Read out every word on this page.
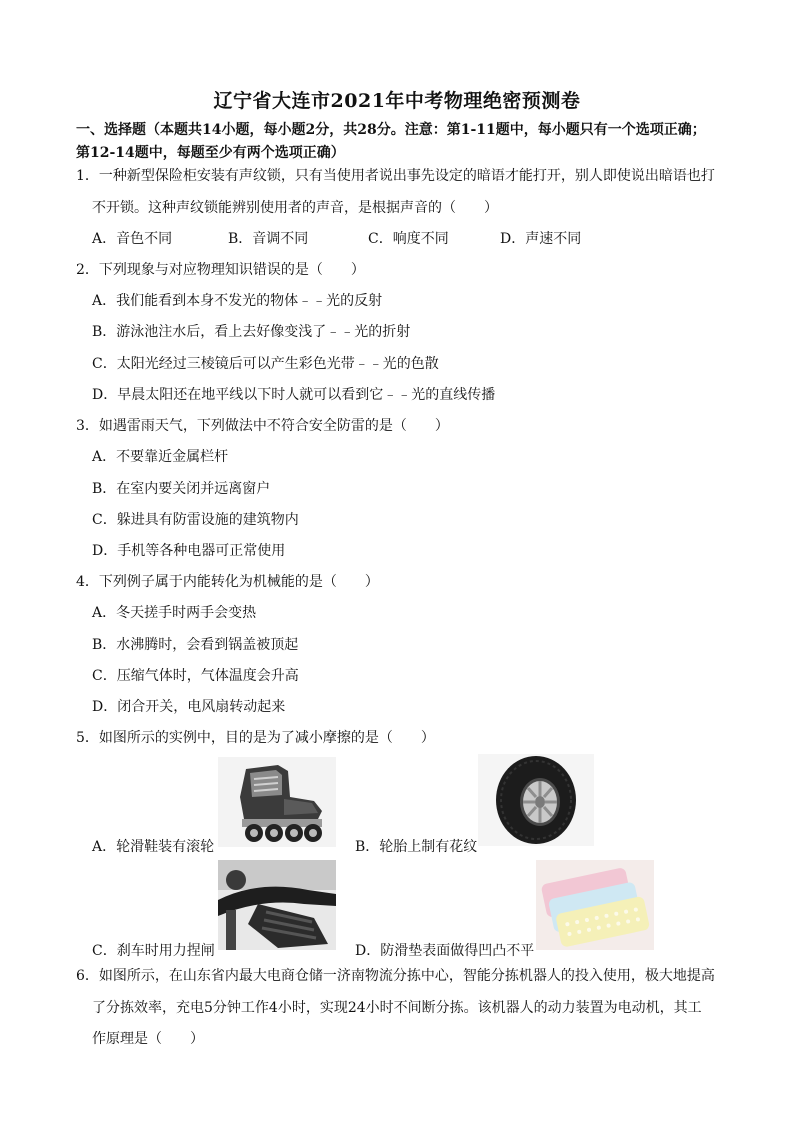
辽宁省大连市2021年中考物理绝密预测卷
一、选择题（本题共14小题，每小题2分，共28分。注意：第1-11题中，每小题只有一个选项正确；
第12-14题中，每题至少有两个选项正确）
1．一种新型保险柜安装有声纹锁，只有当使用者说出事先设定的暗语才能打开，别人即使说出暗语也打
不开锁。这种声纹锁能辨别使用者的声音，是根据声音的（　　）
A．音色不同	B．音调不同	C．响度不同	D．声速不同
2．下列现象与对应物理知识错误的是（　　）
A．我们能看到本身不发光的物体﹣﹣光的反射
B．游泳池注水后，看上去好像变浅了﹣﹣光的折射
C．太阳光经过三棱镜后可以产生彩色光带﹣﹣光的色散
D．早晨太阳还在地平线以下时人就可以看到它﹣﹣光的直线传播
3．如遇雷雨天气，下列做法中不符合安全防雷的是（　　）
A．不要靠近金属栏杆
B．在室内要关闭并远离窗户
C．躲进具有防雷设施的建筑物内
D．手机等各种电器可正常使用
4．下列例子属于内能转化为机械能的是（　　）
A．冬天搓手时两手会变热
B．水沸腾时，会看到锅盖被顶起
C．压缩气体时，气体温度会升高
D．闭合开关，电风扇转动起来
5．如图所示的实例中，目的是为了减小摩擦的是（　　）
A．轮滑鞋装有滚轮	B．轮胎上制有花纹
C．刹车时用力捏闸	D．防滑垫表面做得凹凸不平
6．如图所示，在山东省内最大电商仓储一济南物流分拣中心，智能分拣机器人的投入使用，极大地提高
了分拣效率，充电5分钟工作4小时，实现24小时不间断分拣。该机器人的动力装置为电动机，其工
作原理是（　　）
